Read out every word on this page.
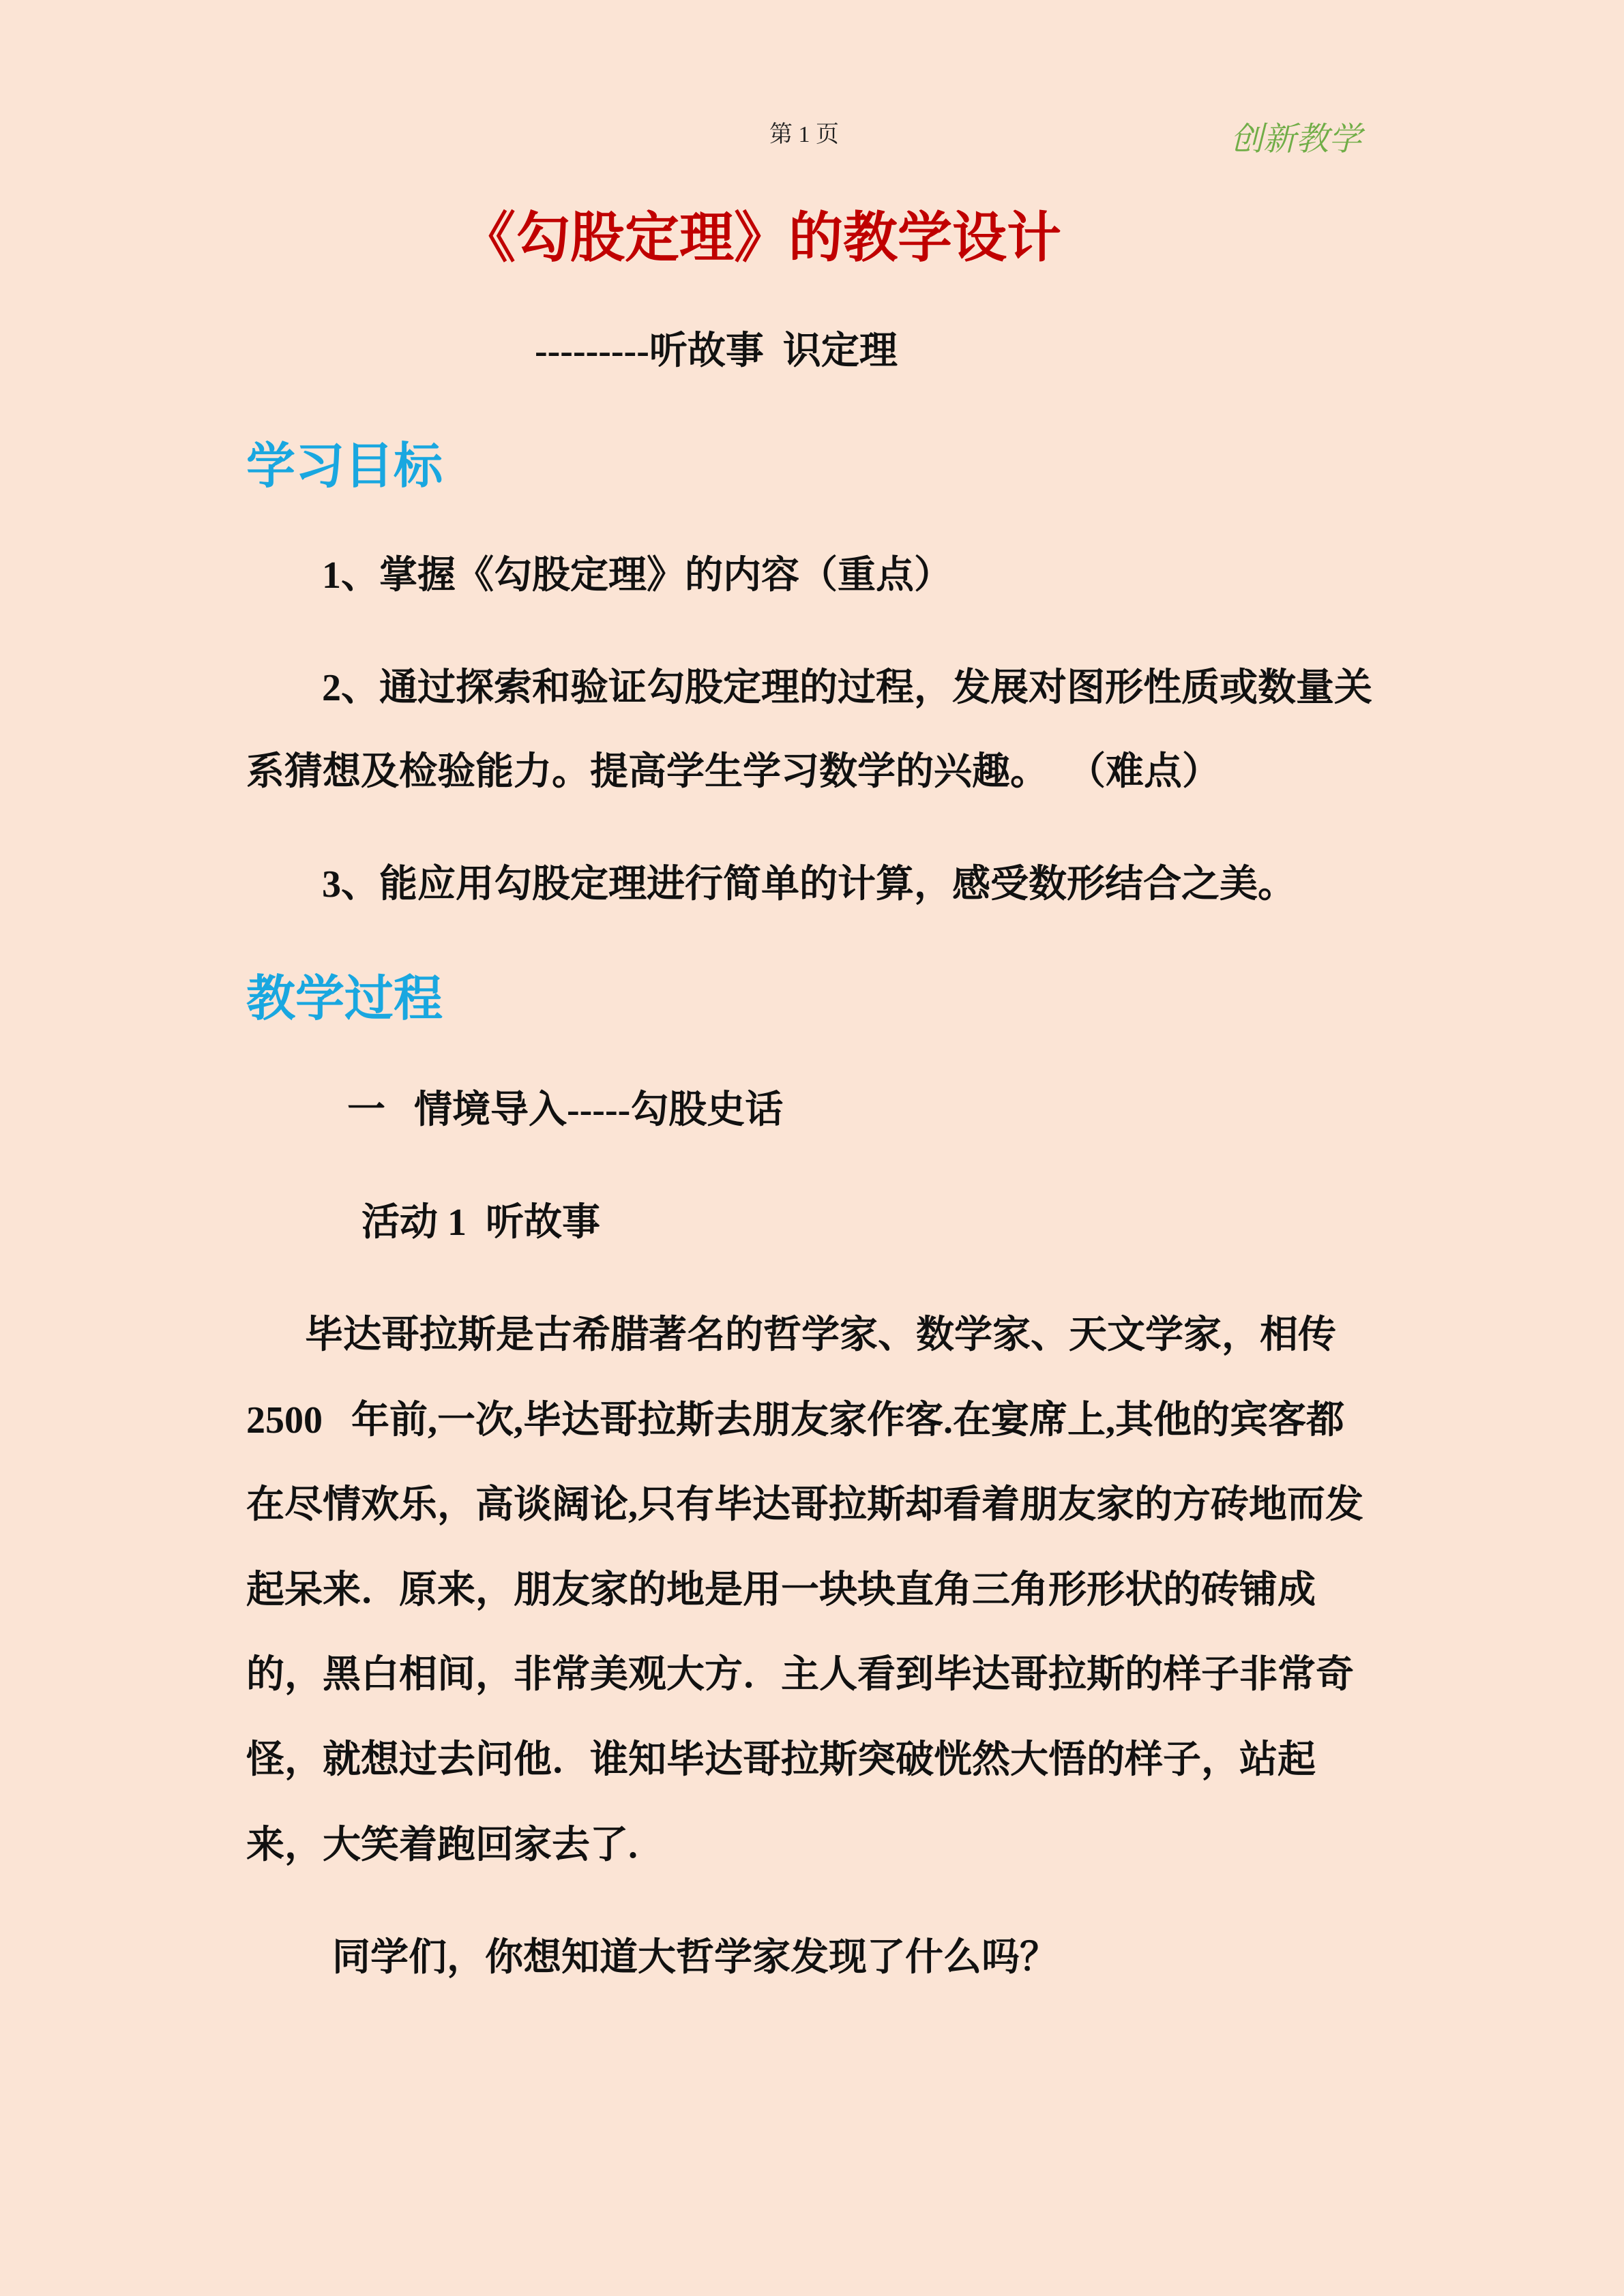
第 1 页	创新教学
《勾股定理》的教学设计
---------听故事  识定理
学习目标
1、掌握《勾股定理》的内容（重点）
2、通过探索和验证勾股定理的过程，发展对图形性质或数量关
系猜想及检验能力。提高学生学习数学的兴趣。  （难点）
3、能应用勾股定理进行简单的计算，感受数形结合之美。
教学过程
一   情境导入-----勾股史话
活动 1  听故事
毕达哥拉斯是古希腊著名的哲学家、数学家、天文学家，相传
2500   年前,一次,毕达哥拉斯去朋友家作客.在宴席上,其他的宾客都
在尽情欢乐，高谈阔论,只有毕达哥拉斯却看着朋友家的方砖地而发
起呆来．原来，朋友家的地是用一块块直角三角形形状的砖铺成
的，黑白相间，非常美观大方．主人看到毕达哥拉斯的样子非常奇
怪，就想过去问他．谁知毕达哥拉斯突破恍然大悟的样子，站起
来，大笑着跑回家去了.
同学们，你想知道大哲学家发现了什么吗？
